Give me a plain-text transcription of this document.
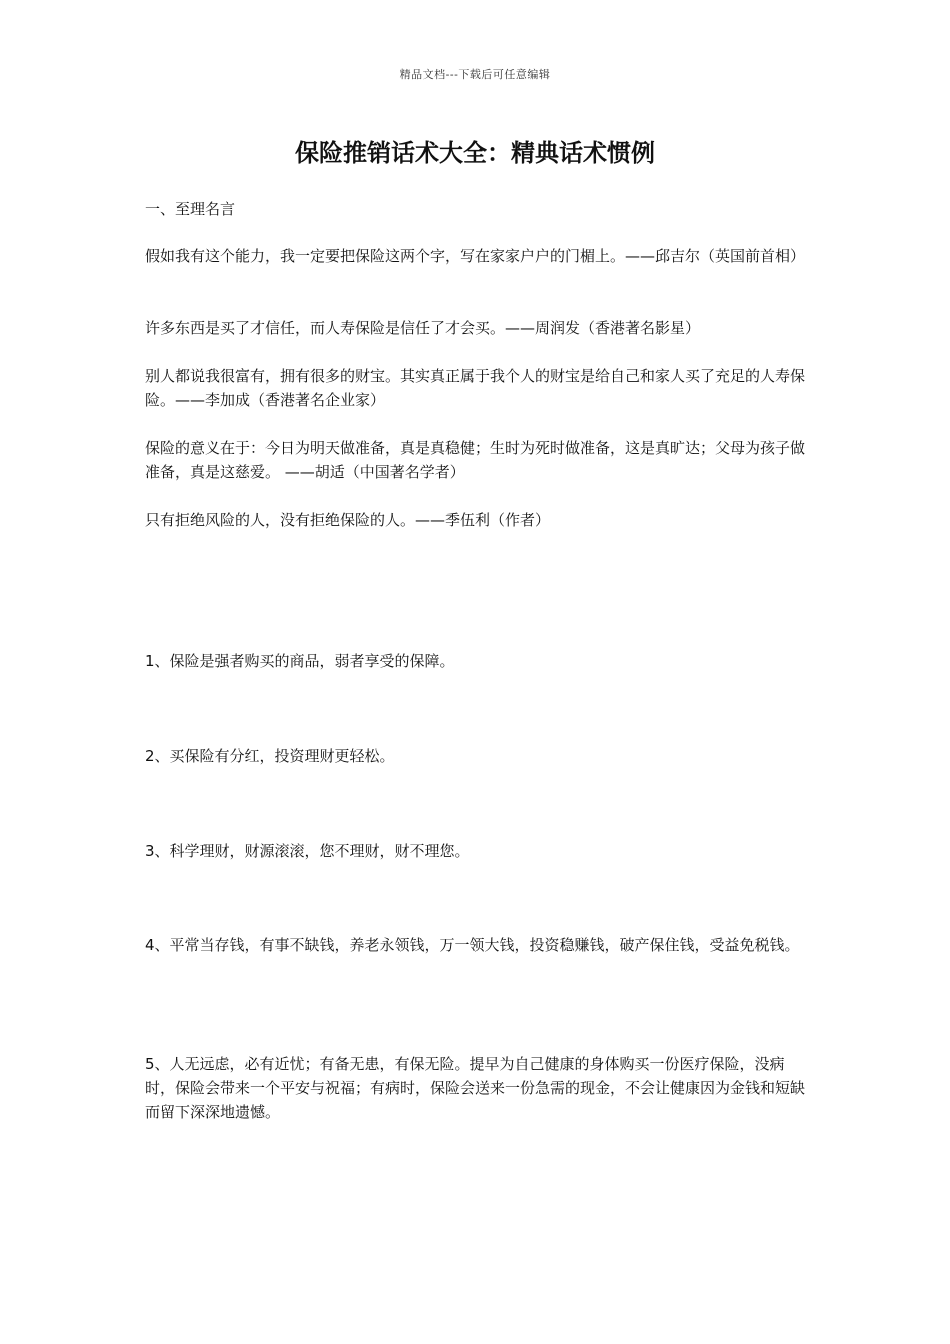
精品文档---下载后可任意编辑
保险推销话术大全：精典话术惯例

一、至理名言

假如我有这个能力，我一定要把保险这两个字，写在家家户户的门楣上。——邱吉尔（英国前首相）

许多东西是买了才信任，而人寿保险是信任了才会买。——周润发（香港著名影星）

别人都说我很富有，拥有很多的财宝。其实真正属于我个人的财宝是给自己和家人买了充足的人寿保险。——李加成（香港著名企业家）

保险的意义在于：今日为明天做准备，真是真稳健；生时为死时做准备，这是真旷达；父母为孩子做准备，真是这慈爱。 ——胡适（中国著名学者）

只有拒绝风险的人，没有拒绝保险的人。——季伍利（作者）

1、保险是强者购买的商品，弱者享受的保障。

2、买保险有分红，投资理财更轻松。

3、科学理财，财源滚滚，您不理财，财不理您。

4、平常当存钱，有事不缺钱，养老永领钱，万一领大钱，投资稳赚钱，破产保住钱，受益免税钱。

5、人无远虑，必有近忧；有备无患，有保无险。提早为自己健康的身体购买一份医疗保险，没病时，保险会带来一个平安与祝福；有病时，保险会送来一份急需的现金，不会让健康因为金钱和短缺而留下深深地遗憾。
